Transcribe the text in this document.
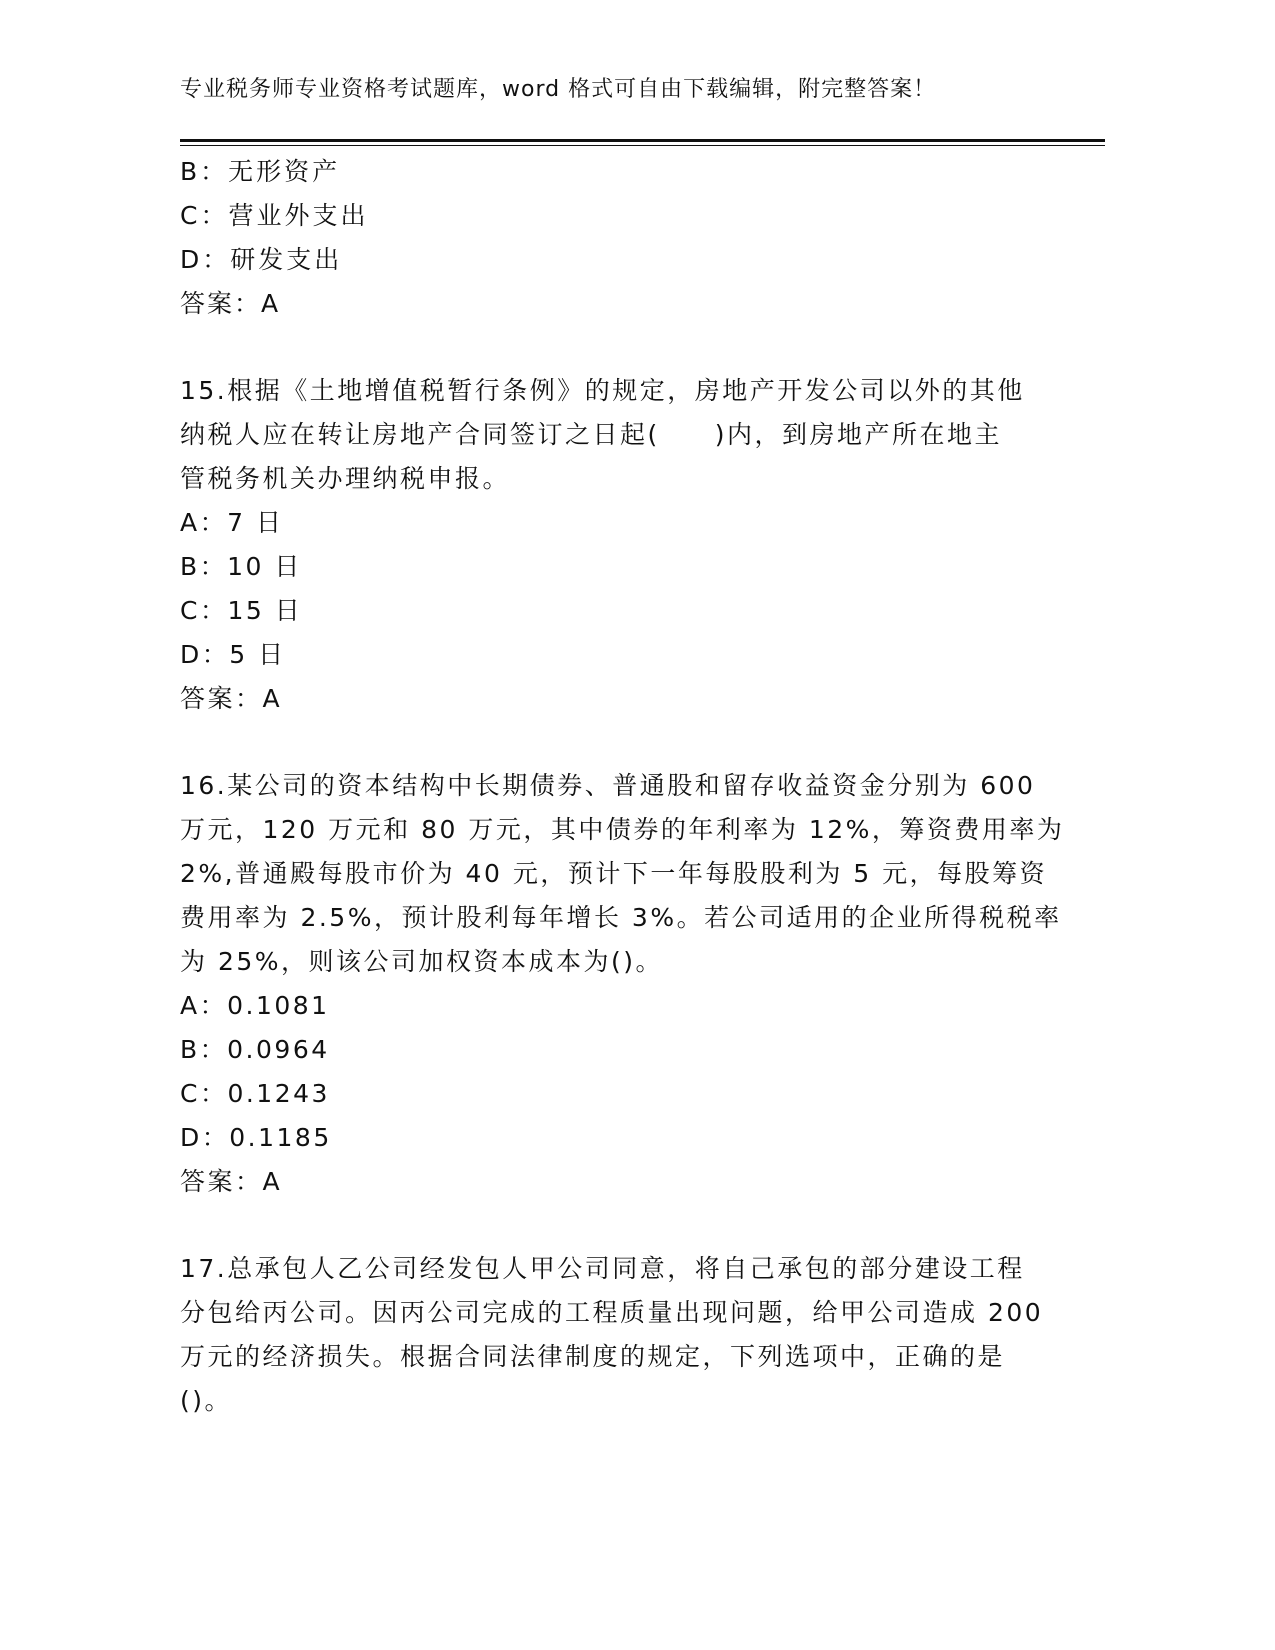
专业税务师专业资格考试题库，word 格式可自由下载编辑，附完整答案！
B：无形资产
C：营业外支出
D：研发支出
答案：A
15.根据《土地增值税暂行条例》的规定，房地产开发公司以外的其他
纳税人应在转让房地产合同签订之日起(　　)内，到房地产所在地主
管税务机关办理纳税申报。
A：7 日
B：10 日
C：15 日
D：5 日
答案：A
16.某公司的资本结构中长期债券、普通股和留存收益资金分别为 600
万元，120 万元和 80 万元，其中债券的年利率为 12%，筹资费用率为
2%,普通殿每股市价为 40 元，预计下一年每股股利为 5 元，每股筹资
费用率为 2.5%，预计股利每年增长 3%。若公司适用的企业所得税税率
为 25%，则该公司加权资本成本为()。
A：0.1081
B：0.0964
C：0.1243
D：0.1185
答案：A
17.总承包人乙公司经发包人甲公司同意，将自己承包的部分建设工程
分包给丙公司。因丙公司完成的工程质量出现问题，给甲公司造成 200
万元的经济损失。根据合同法律制度的规定，下列选项中，正确的是
()。
